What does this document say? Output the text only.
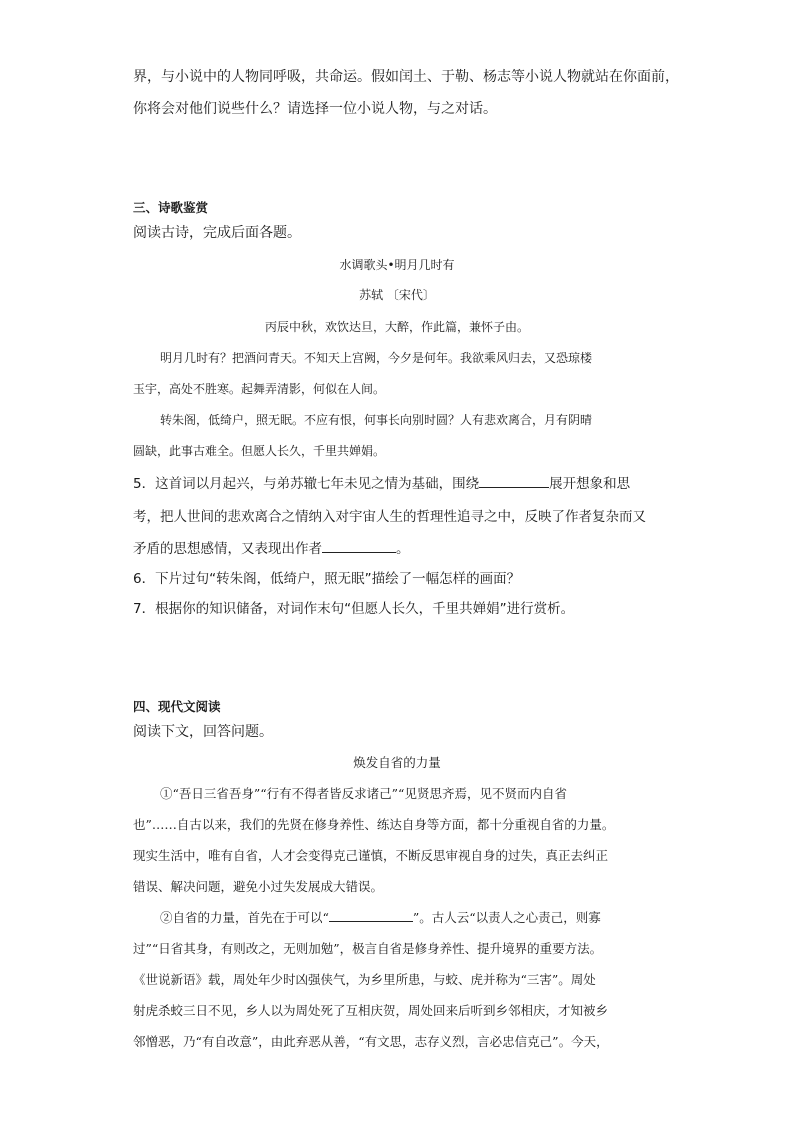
界，与小说中的人物同呼吸，共命运。假如闰土、于勒、杨志等小说人物就站在你面前，
你将会对他们说些什么？请选择一位小说人物，与之对话。
三、诗歌鉴赏
阅读古诗，完成后面各题。
水调歌头•明月几时有
苏轼 〔宋代〕
丙辰中秋，欢饮达旦，大醉，作此篇，兼怀子由。
明月几时有？把酒问青天。不知天上宫阙，今夕是何年。我欲乘风归去，又恐琼楼
玉宇，高处不胜寒。起舞弄清影，何似在人间。
转朱阁，低绮户，照无眠。不应有恨，何事长向别时圆？人有悲欢离合，月有阴晴
圆缺，此事古难全。但愿人长久，千里共婵娟。
5．这首词以月起兴，与弟苏辙七年未见之情为基础，围绕	展开想象和思
考，把人世间的悲欢离合之情纳入对宇宙人生的哲理性追寻之中，反映了作者复杂而又
矛盾的思想感情，又表现出作者	。
6．下片过句“转朱阁，低绮户，照无眠”描绘了一幅怎样的画面？
7．根据你的知识储备，对词作末句“但愿人长久，千里共婵娟”进行赏析。
四、现代文阅读
阅读下文，回答问题。
焕发自省的力量
①“吾日三省吾身”“行有不得者皆反求诸己”“见贤思齐焉，见不贤而内自省
也”……自古以来，我们的先贤在修身养性、练达自身等方面，都十分重视自省的力量。
现实生活中，唯有自省，人才会变得克己谨慎，不断反思审视自身的过失，真正去纠正
错误、解决问题，避免小过失发展成大错误。
②自省的力量，首先在于可以“	”。古人云“以责人之心责己，则寡
过”“日省其身，有则改之，无则加勉”，极言自省是修身养性、提升境界的重要方法。
《世说新语》载，周处年少时凶强侠气，为乡里所患，与蛟、虎并称为“三害”。周处
射虎杀蛟三日不见，乡人以为周处死了互相庆贺，周处回来后听到乡邻相庆，才知被乡
邻憎恶，乃“有自改意”，由此弃恶从善，“有文思，志存义烈，言必忠信克己”。今天，
